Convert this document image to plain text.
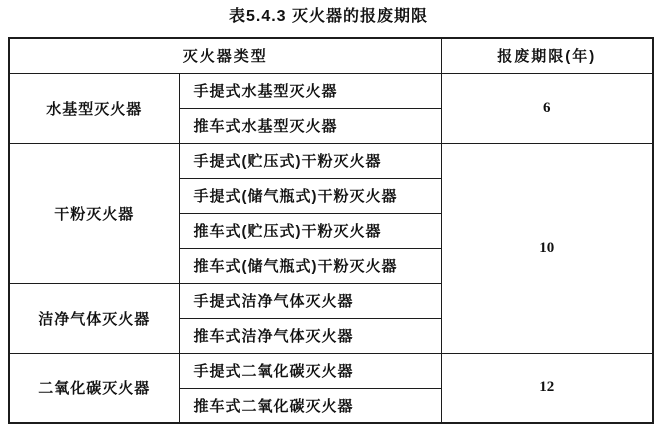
表5.4.3 灭火器的报废期限
灭火器类型		报废期限(年)
水基型灭火器	手提式水基型灭火器	6
	推车式水基型灭火器	
干粉灭火器	手提式(贮压式)干粉灭火器	10
	手提式(储气瓶式)干粉灭火器	
	推车式(贮压式)干粉灭火器	
	推车式(储气瓶式)干粉灭火器	
洁净气体灭火器	手提式洁净气体灭火器	
	推车式洁净气体灭火器	
二氧化碳灭火器	手提式二氧化碳灭火器	12
	推车式二氧化碳灭火器	
